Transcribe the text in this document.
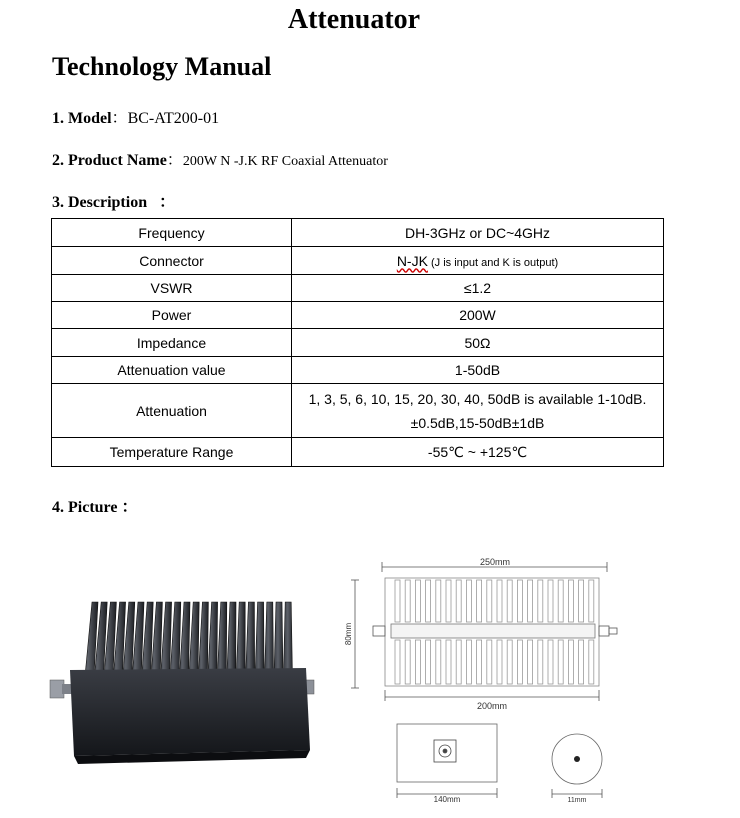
Attenuator
Technology Manual
1. Model：BC-AT200-01
2. Product Name：200W N -J.K RF Coaxial Attenuator
3. Description ：
Frequency	DH-3GHz or DC~4GHz
Connector	N-JK (J is input and K is output)
VSWR	≤1.2
Power	200W
Impedance	50Ω
Attenuation value	1-50dB
Attenuation	1, 3, 5, 6, 10, 15, 20, 30, 40, 50dB is available 1-10dB.
±0.5dB,15-50dB±1dB

Temperature Range	-55℃ ~ +125℃
4. Picture ：
250mm
80mm
200mm
140mm	11mm
